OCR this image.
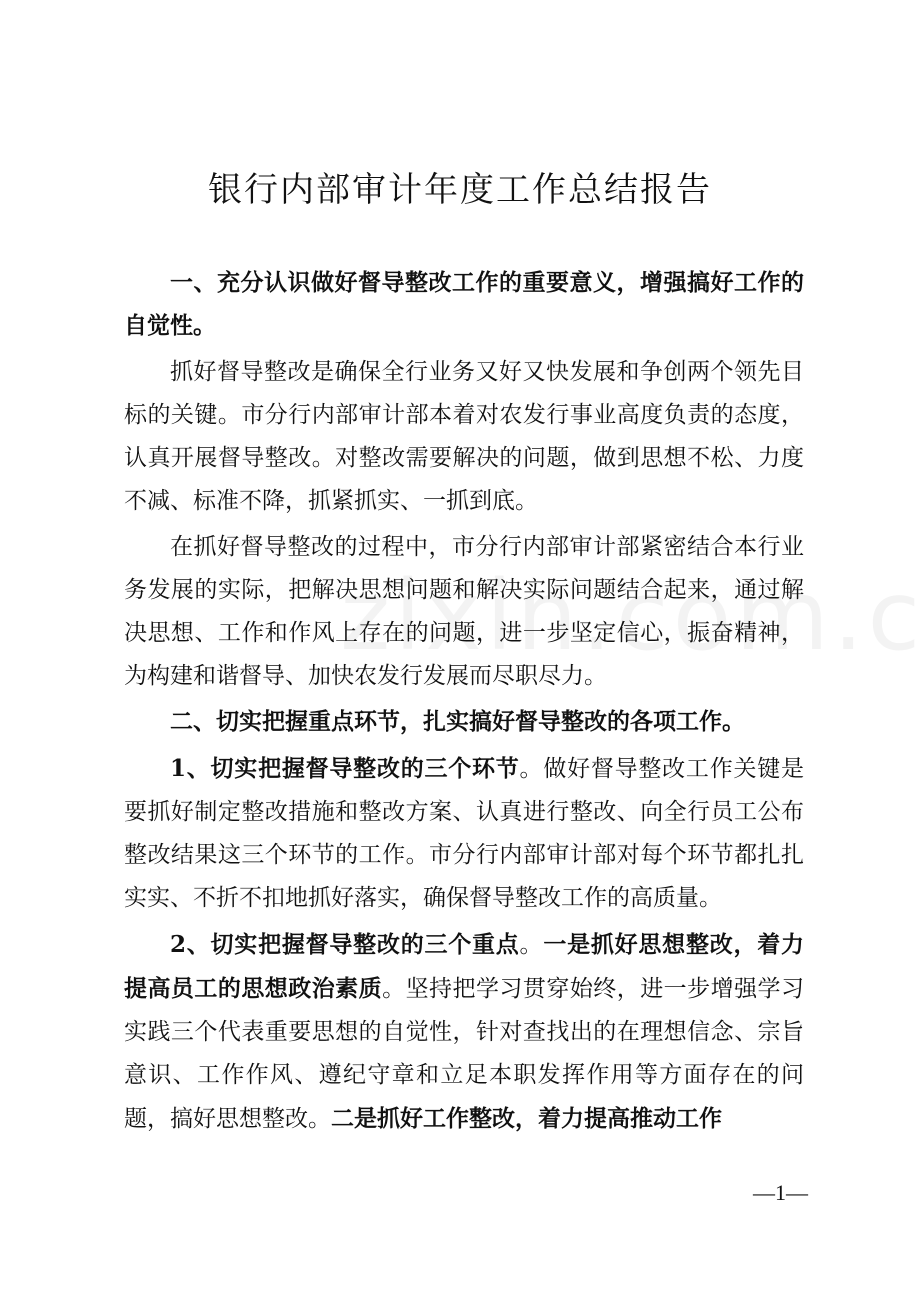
银行内部审计年度工作总结报告

一、充分认识做好督导整改工作的重要意义，增强搞好工作的自觉性。

抓好督导整改是确保全行业务又好又快发展和争创两个领先目标的关键。市分行内部审计部本着对农发行事业高度负责的态度，认真开展督导整改。对整改需要解决的问题，做到思想不松、力度不减、标准不降，抓紧抓实、一抓到底。

在抓好督导整改的过程中，市分行内部审计部紧密结合本行业务发展的实际，把解决思想问题和解决实际问题结合起来，通过解决思想、工作和作风上存在的问题，进一步坚定信心，振奋精神，为构建和谐督导、加快农发行发展而尽职尽力。

二、切实把握重点环节，扎实搞好督导整改的各项工作。

1、切实把握督导整改的三个环节。做好督导整改工作关键是要抓好制定整改措施和整改方案、认真进行整改、向全行员工公布整改结果这三个环节的工作。市分行内部审计部对每个环节都扎扎实实、不折不扣地抓好落实，确保督导整改工作的高质量。

2、切实把握督导整改的三个重点。一是抓好思想整改，着力提高员工的思想政治素质。坚持把学习贯穿始终，进一步增强学习实践三个代表重要思想的自觉性，针对查找出的在理想信念、宗旨意识、工作作风、遵纪守章和立足本职发挥作用等方面存在的问题，搞好思想整改。二是抓好工作整改，着力提高推动工作

—1—
